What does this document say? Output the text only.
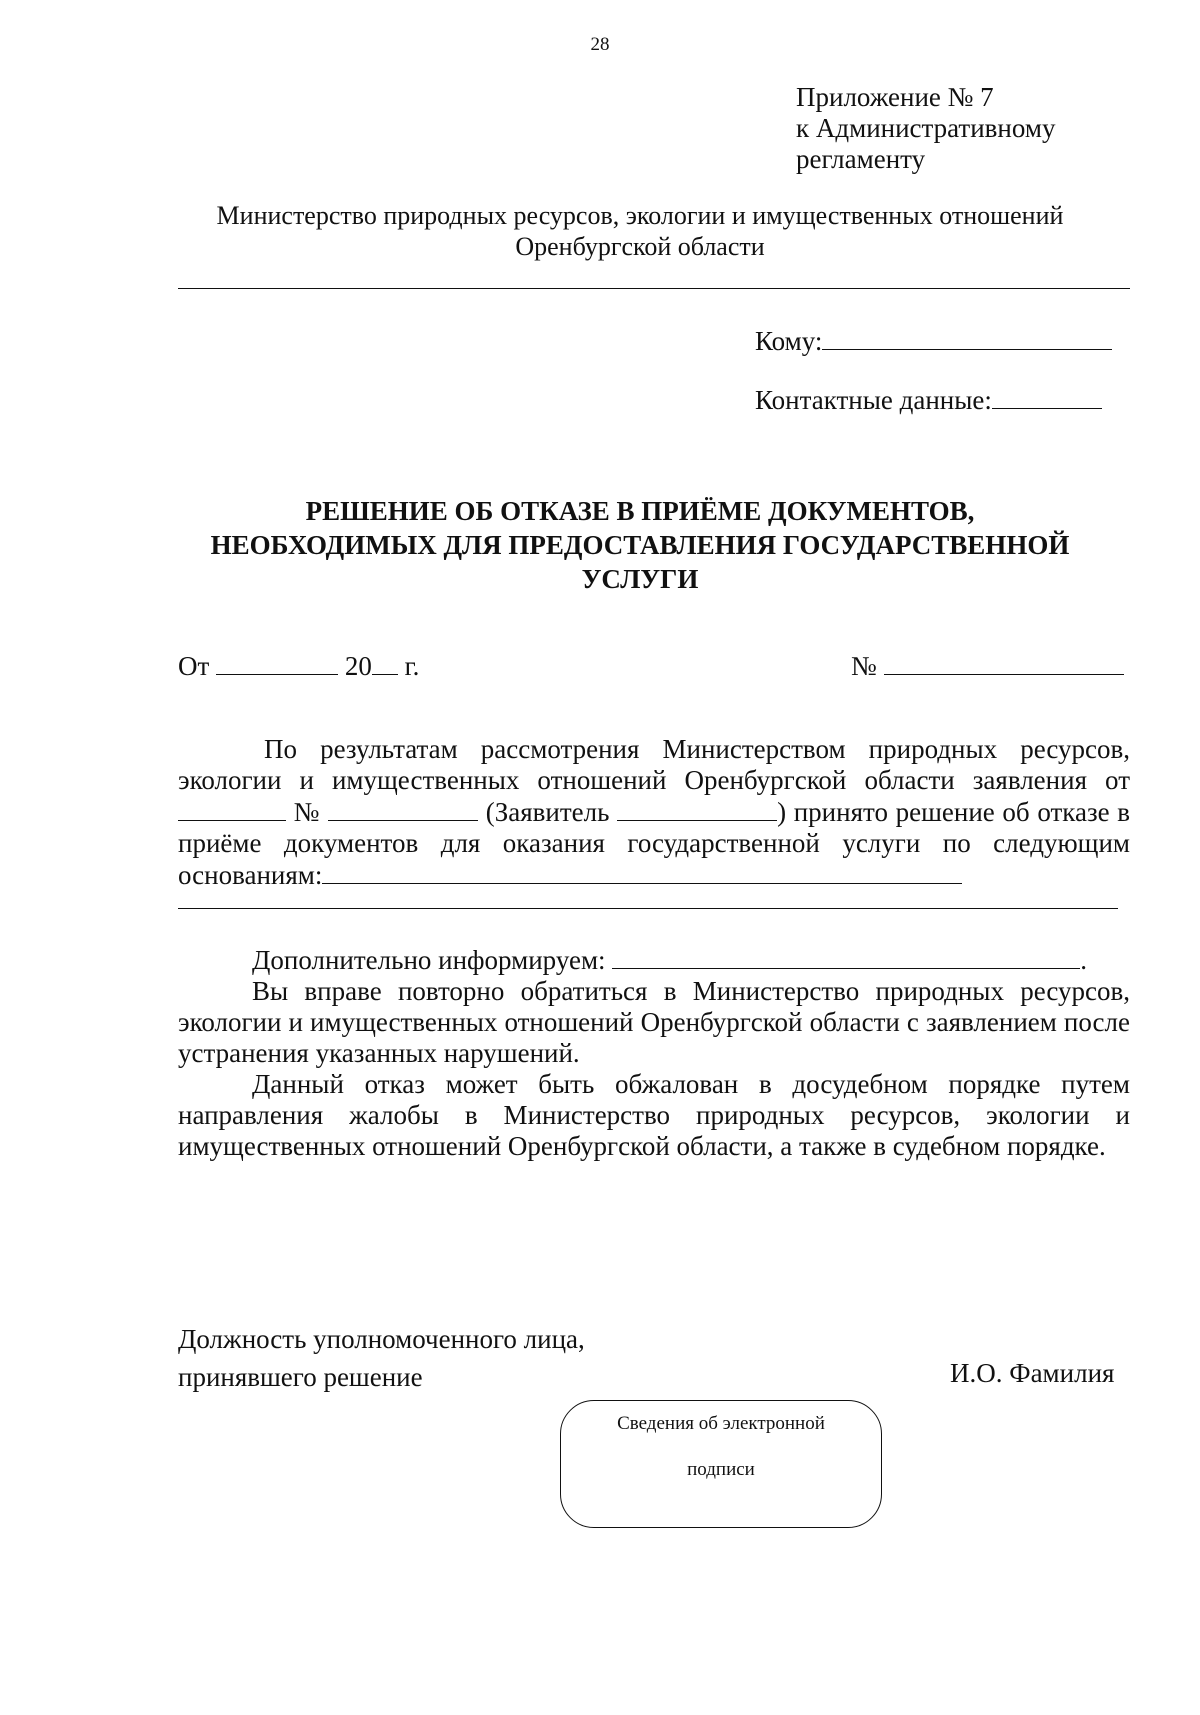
28
Приложение № 7
к Административному
регламенту
Министерство природных ресурсов, экологии и имущественных отношений
Оренбургской области
Кому:
Контактные данные:
РЕШЕНИЕ ОБ ОТКАЗЕ В ПРИЁМЕ ДОКУМЕНТОВ,
НЕОБХОДИМЫХ ДЛЯ ПРЕДОСТАВЛЕНИЯ ГОСУДАРСТВЕННОЙ
УСЛУГИ
От	20 г.	№
По результатам рассмотрения Министерством природных ресурсов, экологии и имущественных отношений Оренбургской области заявления от  №	(Заявитель	) принято решение об отказе в приёме документов для оказания государственной услуги по следующим основаниям:
Дополнительно информируем:	.
Вы вправе повторно обратиться в Министерство природных ресурсов, экологии и имущественных отношений Оренбургской области с заявлением после устранения указанных нарушений.
Данный отказ может быть обжалован в досудебном порядке путем направления жалобы в Министерство природных ресурсов, экологии и имущественных отношений Оренбургской области, а также в судебном порядке.
Должность уполномоченного лица,
принявшего решение	И.О. Фамилия
Сведения об электронной
подписи
